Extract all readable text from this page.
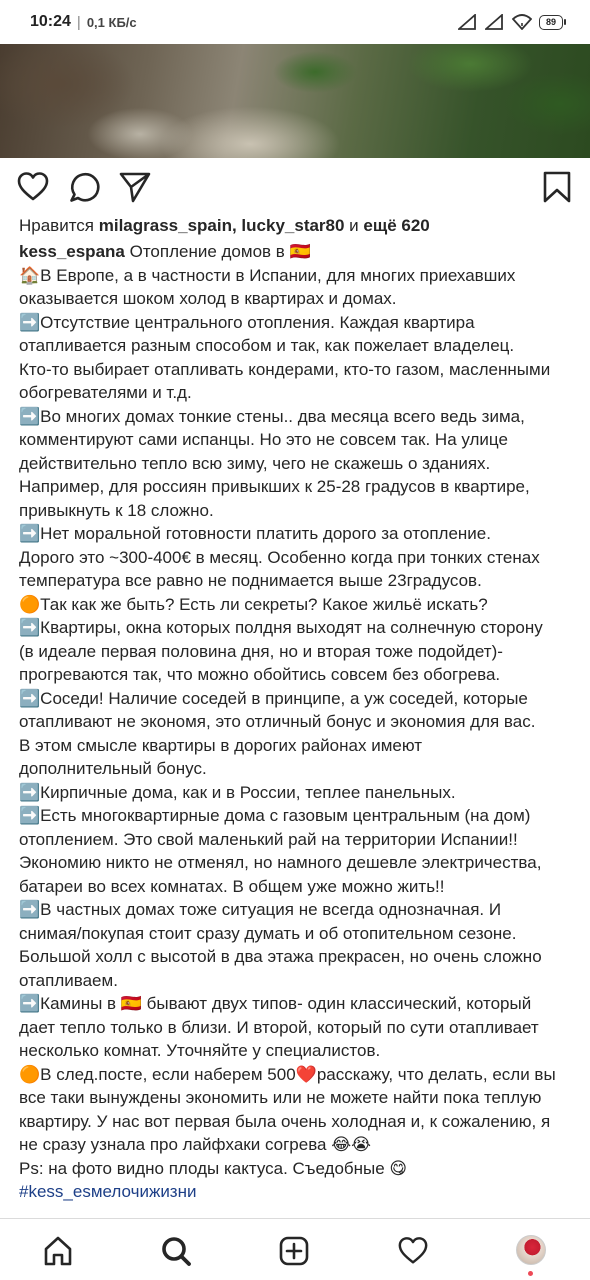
10:24 | 0,1 КБ/с	89
Нравится milagrass_spain, lucky_star80 и ещё 620
kess_espana Отопление домов в 🇪🇸
🏠В Европе, а в частности в Испании, для многих приехавших
оказывается шоком холод в квартирах и домах.
➡️Отсутствие центрального отопления. Каждая квартира
отапливается разным способом и так, как пожелает владелец.
Кто-то выбирает отапливать кондерами, кто-то газом, масленными
обогревателями и т.д.
➡️Во многих домах тонкие стены.. два месяца всего ведь зима,
комментируют сами испанцы. Но это не совсем так. На улице
действительно тепло всю зиму, чего не скажешь о зданиях.
Например, для россиян привыкших к 25-28 градусов в квартире,
привыкнуть к 18 сложно.
➡️Нет моральной готовности платить дорого за отопление.
Дорого это ~300-400€ в месяц. Особенно когда при тонких стенах
температура все равно не поднимается выше 23градусов.
🟠Так как же быть? Есть ли секреты? Какое жильё искать?
➡️Квартиры, окна которых полдня выходят на солнечную сторону
(в идеале первая половина дня, но и вторая тоже подойдет)-
прогреваются так, что можно обойтись совсем без обогрева.
➡️Соседи! Наличие соседей в принципе, а уж соседей, которые
отапливают не экономя, это отличный бонус и экономия для вас.
В этом смысле квартиры в дорогих районах имеют
дополнительный бонус.
➡️Кирпичные дома, как и в России, теплее панельных.
➡️Есть многоквартирные дома с газовым центральным (на дом)
отоплением. Это свой маленький рай на территории Испании!!
Экономию никто не отменял, но намного дешевле электричества,
батареи во всех комнатах. В общем уже можно жить!!
➡️В частных домах тоже ситуация не всегда однозначная. И
снимая/покупая стоит сразу думать и об отопительном сезоне.
Большой холл с высотой в два этажа прекрасен, но очень сложно
отапливаем.
➡️Камины в 🇪🇸 бывают двух типов- один классический, который
дает тепло только в близи. И второй, который по сути отапливает
несколько комнат. Уточняйте у специалистов.
🟠В след.посте, если наберем 500❤️расскажу, что делать, если вы
все таки вынуждены экономить или не можете найти пока теплую
квартиру. У нас вот первая была очень холодная и, к сожалению, я
не сразу узнала про лайфхаки согрева 😂😭
Ps: на фото видно плоды кактуса. Съедобные 😋
#kess_esмелочижизни
